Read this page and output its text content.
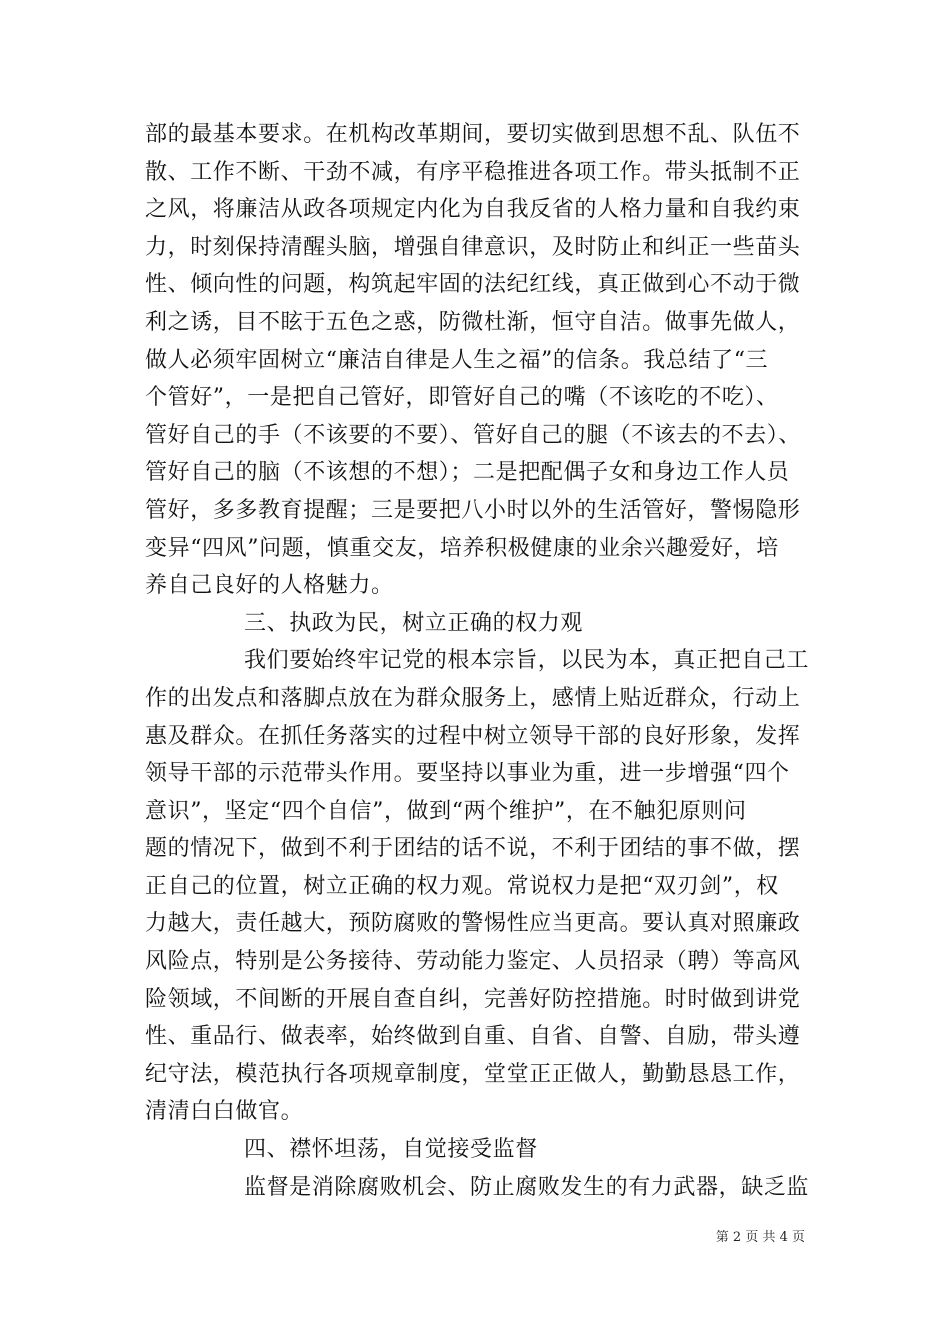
部的最基本要求。在机构改革期间，要切实做到思想不乱、队伍不
散、工作不断、干劲不减，有序平稳推进各项工作。带头抵制不正
之风，将廉洁从政各项规定内化为自我反省的人格力量和自我约束
力，时刻保持清醒头脑，增强自律意识，及时防止和纠正一些苗头
性、倾向性的问题，构筑起牢固的法纪红线，真正做到心不动于微
利之诱，目不眩于五色之惑，防微杜渐，恒守自洁。做事先做人，
做人必须牢固树立“廉洁自律是人生之福”的信条。我总结了“三
个管好”，一是把自己管好，即管好自己的嘴（不该吃的不吃）、
管好自己的手（不该要的不要）、管好自己的腿（不该去的不去）、
管好自己的脑（不该想的不想）；二是把配偶子女和身边工作人员
管好，多多教育提醒；三是要把八小时以外的生活管好，警惕隐形
变异“四风”问题，慎重交友，培养积极健康的业余兴趣爱好，培
养自己良好的人格魅力。
三、执政为民，树立正确的权力观
我们要始终牢记党的根本宗旨，以民为本，真正把自己工
作的出发点和落脚点放在为群众服务上，感情上贴近群众，行动上
惠及群众。在抓任务落实的过程中树立领导干部的良好形象，发挥
领导干部的示范带头作用。要坚持以事业为重，进一步增强“四个
意识”，坚定“四个自信”，做到“两个维护”，在不触犯原则问
题的情况下，做到不利于团结的话不说，不利于团结的事不做，摆
正自己的位置，树立正确的权力观。常说权力是把“双刃剑”，权
力越大，责任越大，预防腐败的警惕性应当更高。要认真对照廉政
风险点，特别是公务接待、劳动能力鉴定、人员招录（聘）等高风
险领域，不间断的开展自查自纠，完善好防控措施。时时做到讲党
性、重品行、做表率，始终做到自重、自省、自警、自励，带头遵
纪守法，模范执行各项规章制度，堂堂正正做人，勤勤恳恳工作，
清清白白做官。
四、襟怀坦荡，自觉接受监督
监督是消除腐败机会、防止腐败发生的有力武器，缺乏监
第 2 页 共 4 页
